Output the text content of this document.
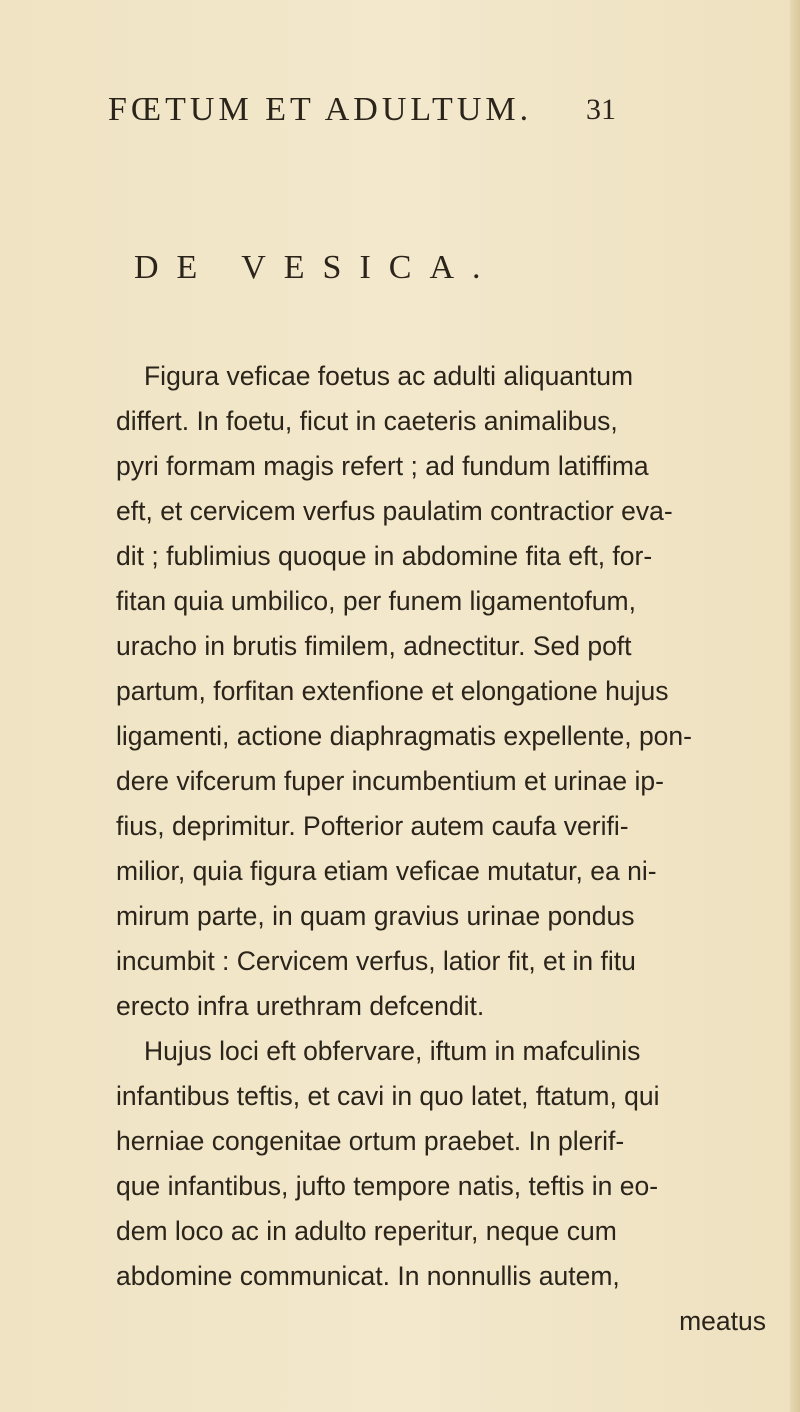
FŒTUM ET ADULTUM. 31
DE VESICA.
Figura veficae foetus ac adulti aliquantum
differt. In foetu, ficut in caeteris animalibus,
pyri formam magis refert ; ad fundum latiffima
eft, et cervicem verfus paulatim contractior eva-
dit ; fublimius quoque in abdomine fita eft, for-
fitan quia umbilico, per funem ligamentofum,
uracho in brutis fimilem, adnectitur. Sed poft
partum, forfitan extenfione et elongatione hujus
ligamenti, actione diaphragmatis expellente, pon-
dere vifcerum fuper incumbentium et urinae ip-
fius, deprimitur. Pofterior autem caufa verifi-
milior, quia figura etiam veficae mutatur, ea ni-
mirum parte, in quam gravius urinae pondus
incumbit : Cervicem verfus, latior fit, et in fitu
erecto infra urethram defcendit.
Hujus loci eft obfervare, iftum in mafculinis
infantibus teftis, et cavi in quo latet, ftatum, qui
herniae congenitae ortum praebet. In plerif-
que infantibus, jufto tempore natis, teftis in eo-
dem loco ac in adulto reperitur, neque cum
abdomine communicat. In nonnullis autem,
meatus
